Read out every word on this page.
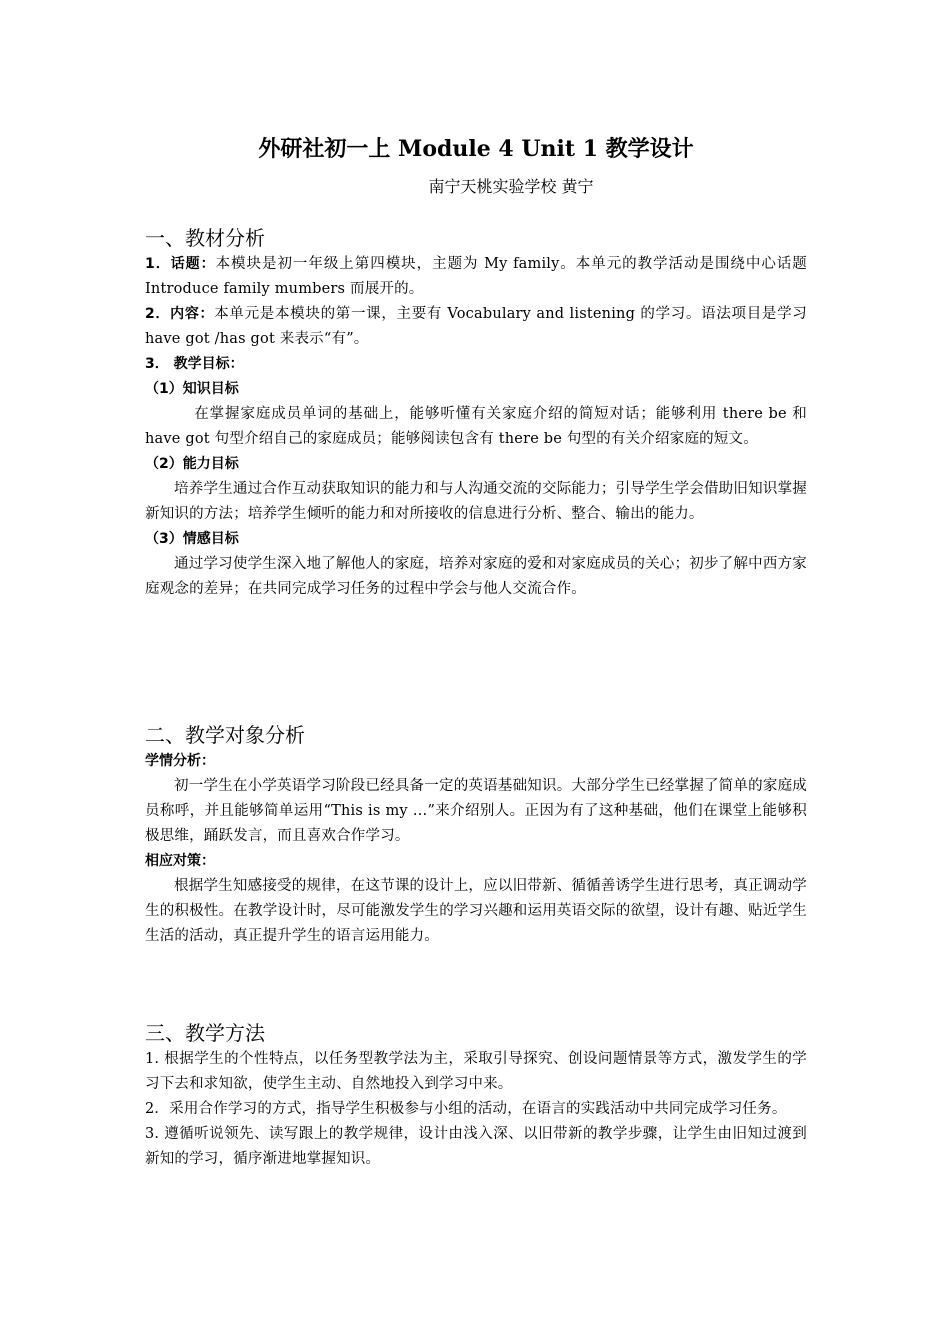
外研社初一上 Module 4 Unit 1 教学设计
南宁天桃实验学校 黄宁
一、教材分析

1．话题：本模块是初一年级上第四模块，主题为 My family。本单元的教学活动是围绕中心话题 Introduce family mumbers 而展开的。

2．内容：本单元是本模块的第一课，主要有 Vocabulary and listening 的学习。语法项目是学习 have got /has got 来表示“有”。

3． 教学目标：

（1）知识目标

在掌握家庭成员单词的基础上，能够听懂有关家庭介绍的简短对话；能够利用 there be 和 have got 句型介绍自己的家庭成员；能够阅读包含有 there be 句型的有关介绍家庭的短文。

（2）能力目标

培养学生通过合作互动获取知识的能力和与人沟通交流的交际能力；引导学生学会借助旧知识掌握新知识的方法；培养学生倾听的能力和对所接收的信息进行分析、整合、输出的能力。

（3）情感目标

通过学习使学生深入地了解他人的家庭，培养对家庭的爱和对家庭成员的关心；初步了解中西方家庭观念的差异；在共同完成学习任务的过程中学会与他人交流合作。

二、教学对象分析

学情分析：

初一学生在小学英语学习阶段已经具备一定的英语基础知识。大部分学生已经掌握了简单的家庭成员称呼，并且能够简单运用“This is my …”来介绍别人。正因为有了这种基础，他们在课堂上能够积极思维，踊跃发言，而且喜欢合作学习。

相应对策：

根据学生知感接受的规律，在这节课的设计上，应以旧带新、循循善诱学生进行思考，真正调动学生的积极性。在教学设计时，尽可能激发学生的学习兴趣和运用英语交际的欲望，设计有趣、贴近学生生活的活动，真正提升学生的语言运用能力。

三、教学方法

1. 根据学生的个性特点，以任务型教学法为主，采取引导探究、创设问题情景等方式，激发学生的学习下去和求知欲，使学生主动、自然地投入到学习中来。

2．采用合作学习的方式，指导学生积极参与小组的活动，在语言的实践活动中共同完成学习任务。

3. 遵循听说领先、读写跟上的教学规律，设计由浅入深、以旧带新的教学步骤，让学生由旧知过渡到新知的学习，循序渐进地掌握知识。
